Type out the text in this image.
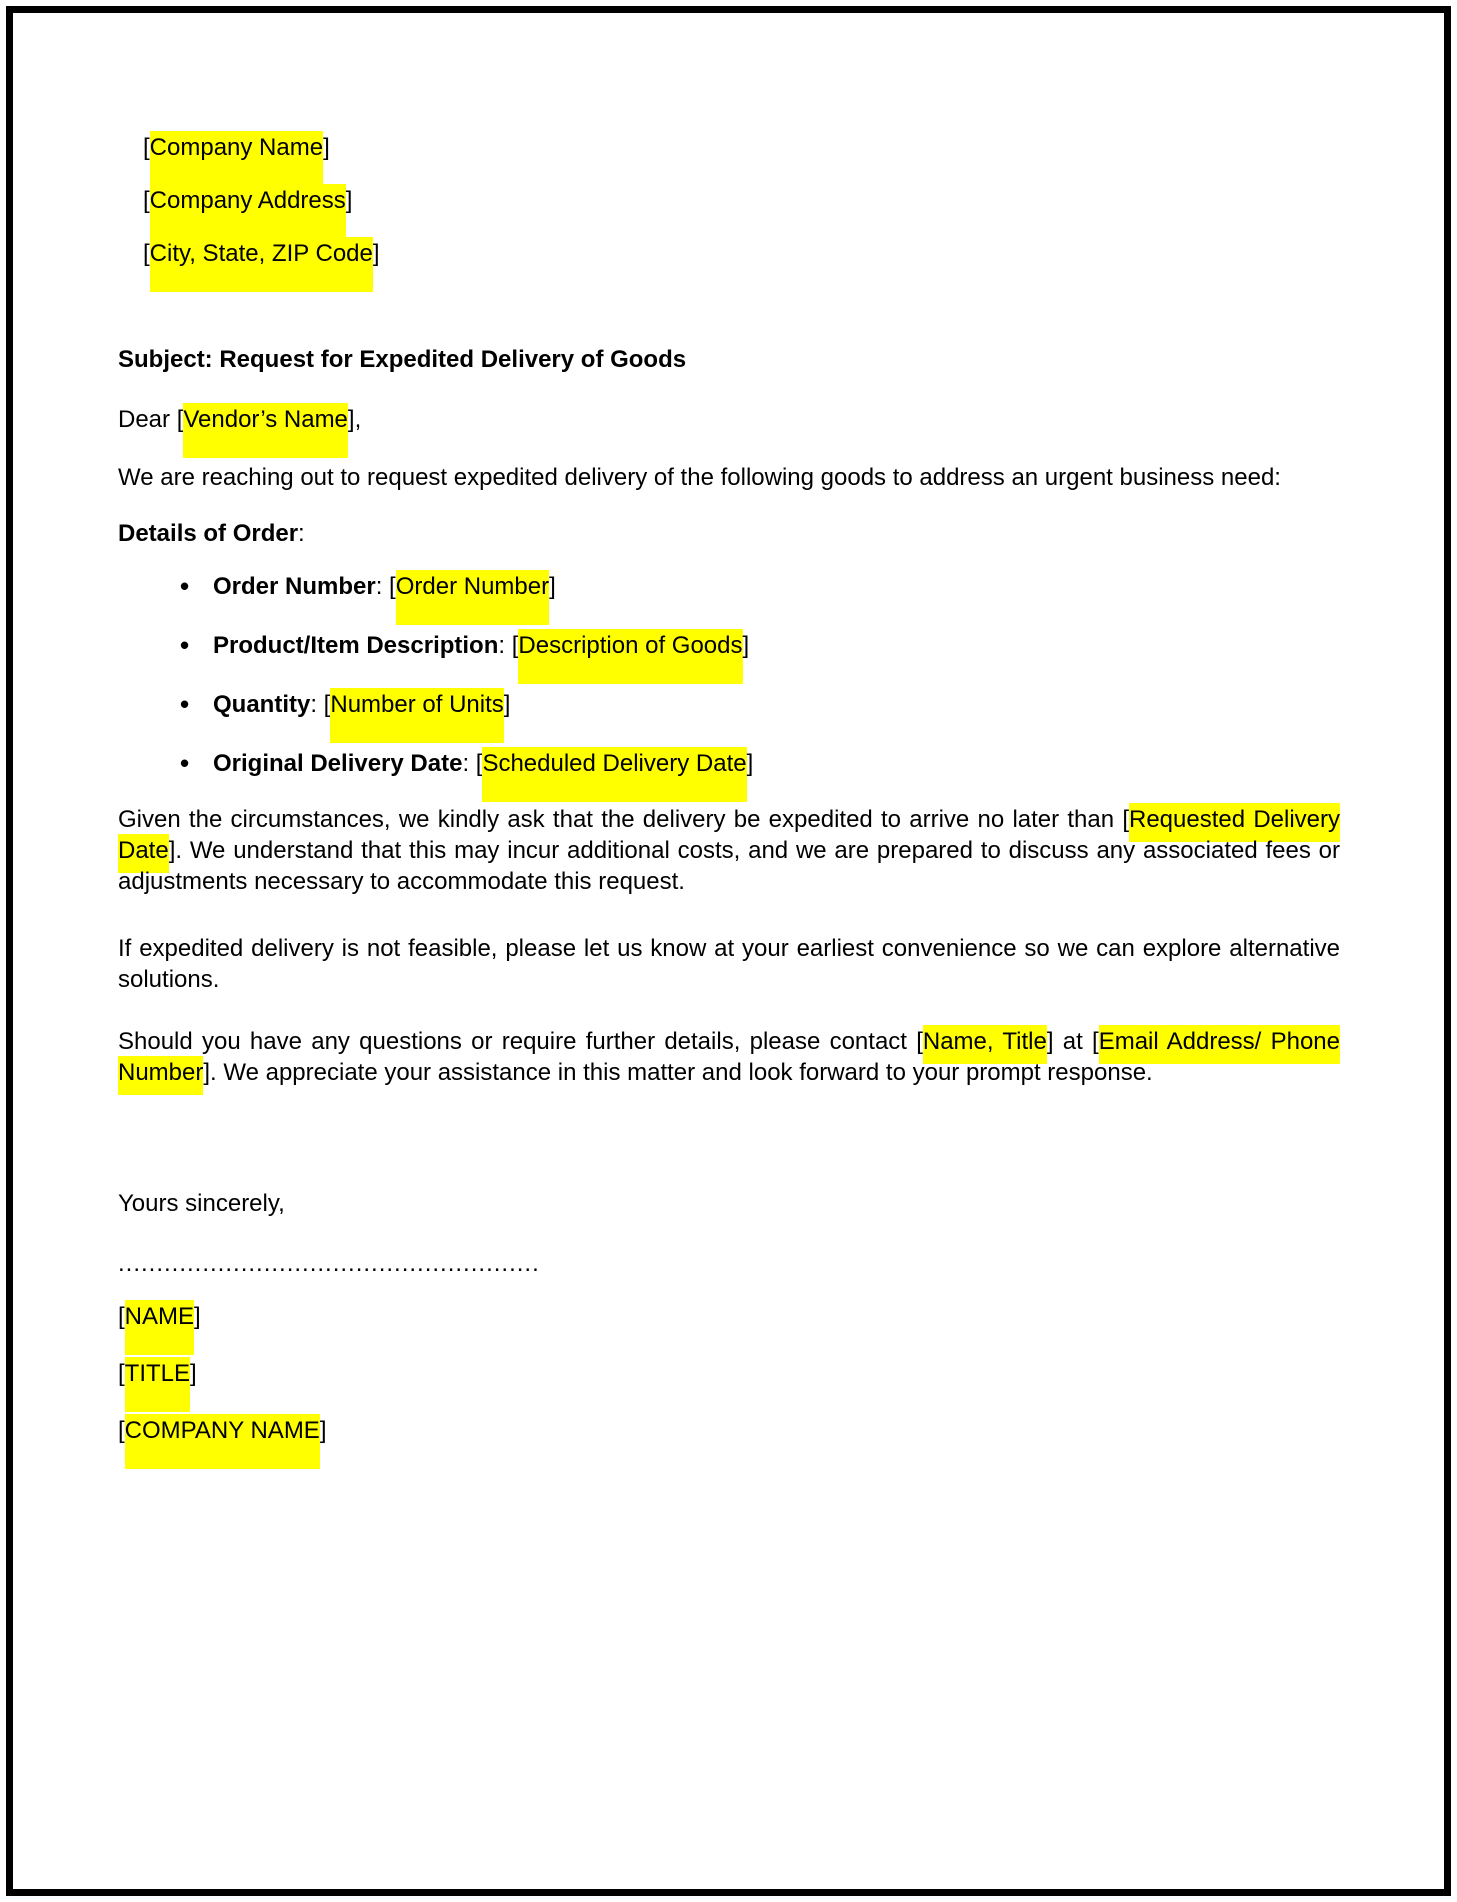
[Company Name]

[Company Address]

[City, State, ZIP Code]

Subject: Request for Expedited Delivery of Goods

Dear [Vendor’s Name],

We are reaching out to request expedited delivery of the following goods to address an urgent business need:

Details of Order:

• Order Number: [Order Number]
• Product/Item Description: [Description of Goods]
• Quantity: [Number of Units]
• Original Delivery Date: [Scheduled Delivery Date]

Given the circumstances, we kindly ask that the delivery be expedited to arrive no later than [Requested Delivery Date]. We understand that this may incur additional costs, and we are prepared to discuss any associated fees or adjustments necessary to accommodate this request.

If expedited delivery is not feasible, please let us know at your earliest convenience so we can explore alternative solutions.

Should you have any questions or require further details, please contact [Name, Title] at [Email Address/ Phone Number]. We appreciate your assistance in this matter and look forward to your prompt response.

Yours sincerely,

.......................................................

[NAME]

[TITLE]

[COMPANY NAME]
